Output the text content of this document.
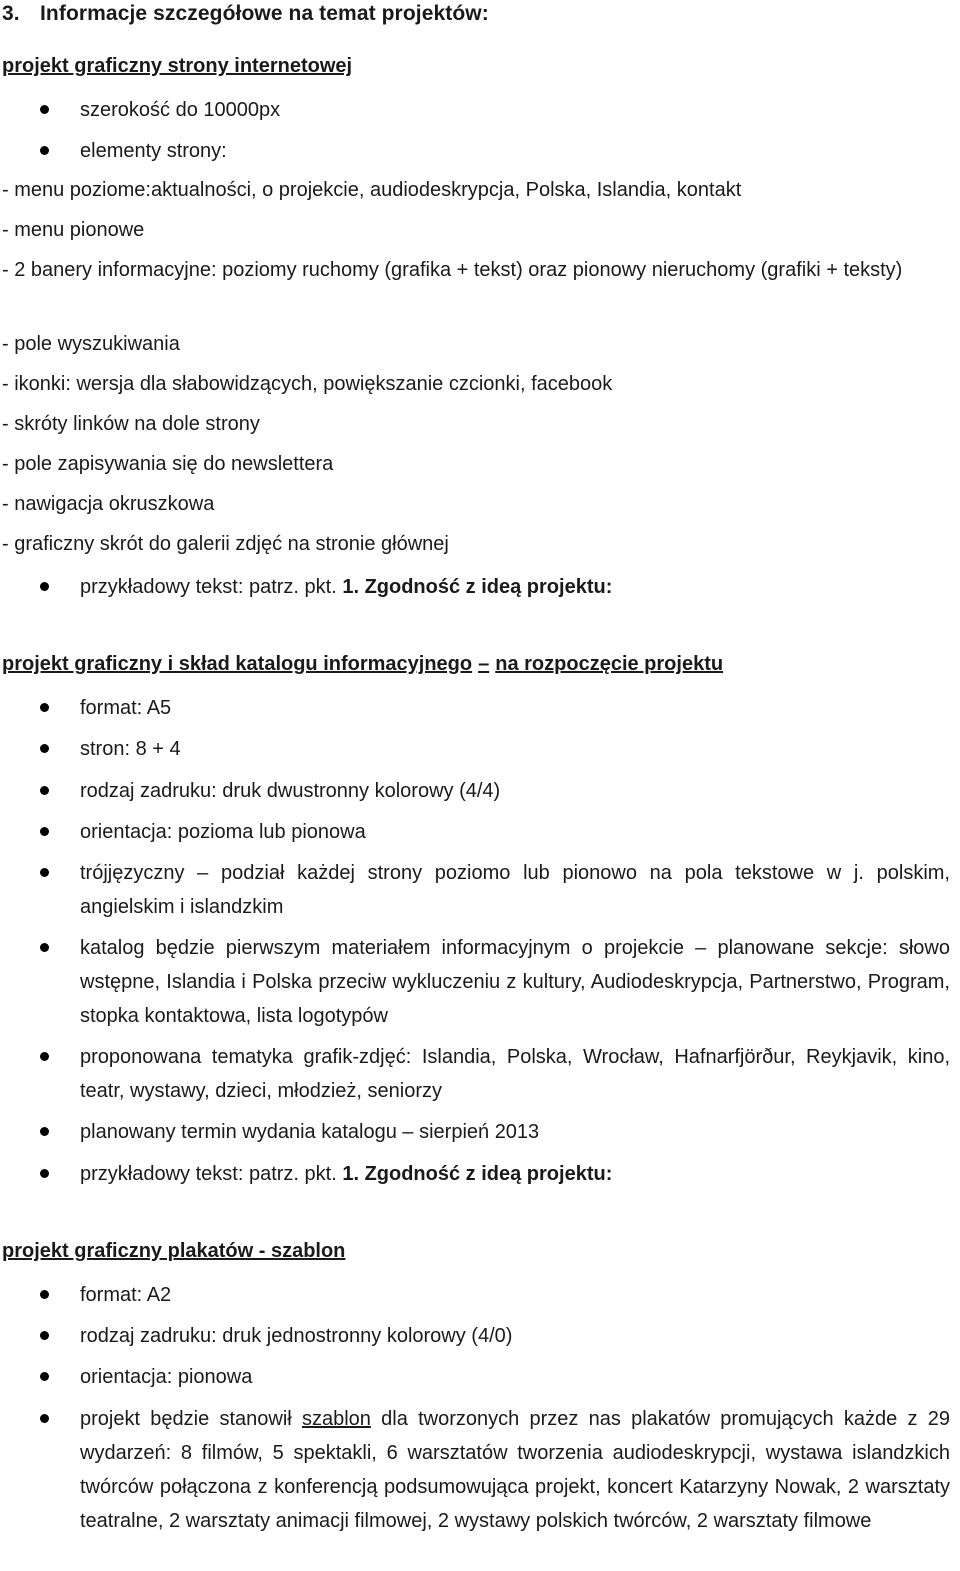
3. Informacje szczegółowe na temat projektów:
projekt graficzny strony internetowej
szerokość do 10000px
elementy strony:
- menu poziome:aktualności, o projekcie, audiodeskrypcja, Polska, Islandia, kontakt
- menu pionowe
- 2 banery informacyjne: poziomy ruchomy (grafika + tekst) oraz pionowy nieruchomy (grafiki + teksty)
- pole wyszukiwania
- ikonki: wersja dla słabowidzących, powiększanie czcionki, facebook
- skróty linków na dole strony
- pole zapisywania się do newslettera
- nawigacja okruszkowa
- graficzny skrót do galerii zdjęć na stronie głównej
przykładowy tekst: patrz. pkt. 1. Zgodność z ideą projektu:
projekt graficzny i skład katalogu informacyjnego – na rozpoczęcie projektu
format: A5
stron: 8 + 4
rodzaj zadruku: druk dwustronny kolorowy (4/4)
orientacja: pozioma lub pionowa
trójjęzyczny – podział każdej strony poziomo lub pionowo na pola tekstowe w j. polskim, angielskim i islandzkim
katalog będzie pierwszym materiałem informacyjnym o projekcie – planowane sekcje: słowo wstępne, Islandia i Polska przeciw wykluczeniu z kultury, Audiodeskrypcja, Partnerstwo, Program, stopka kontaktowa, lista logotypów
proponowana tematyka grafik-zdjęć: Islandia, Polska, Wrocław, Hafnarfjörður, Reykjavik, kino, teatr, wystawy, dzieci, młodzież, seniorzy
planowany termin wydania katalogu – sierpień 2013
przykładowy tekst: patrz. pkt. 1. Zgodność z ideą projektu:
projekt graficzny plakatów - szablon
format: A2
rodzaj zadruku: druk jednostronny kolorowy (4/0)
orientacja: pionowa
projekt będzie stanowił szablon dla tworzonych przez nas plakatów promujących każde z 29 wydarzeń: 8 filmów, 5 spektakli, 6 warsztatów tworzenia audiodeskrypcji, wystawa islandzkich twórców połączona z konferencją podsumowująca projekt, koncert Katarzyny Nowak, 2 warsztaty teatralne, 2 warsztaty animacji filmowej, 2 wystawy polskich twórców, 2 warsztaty filmowe
